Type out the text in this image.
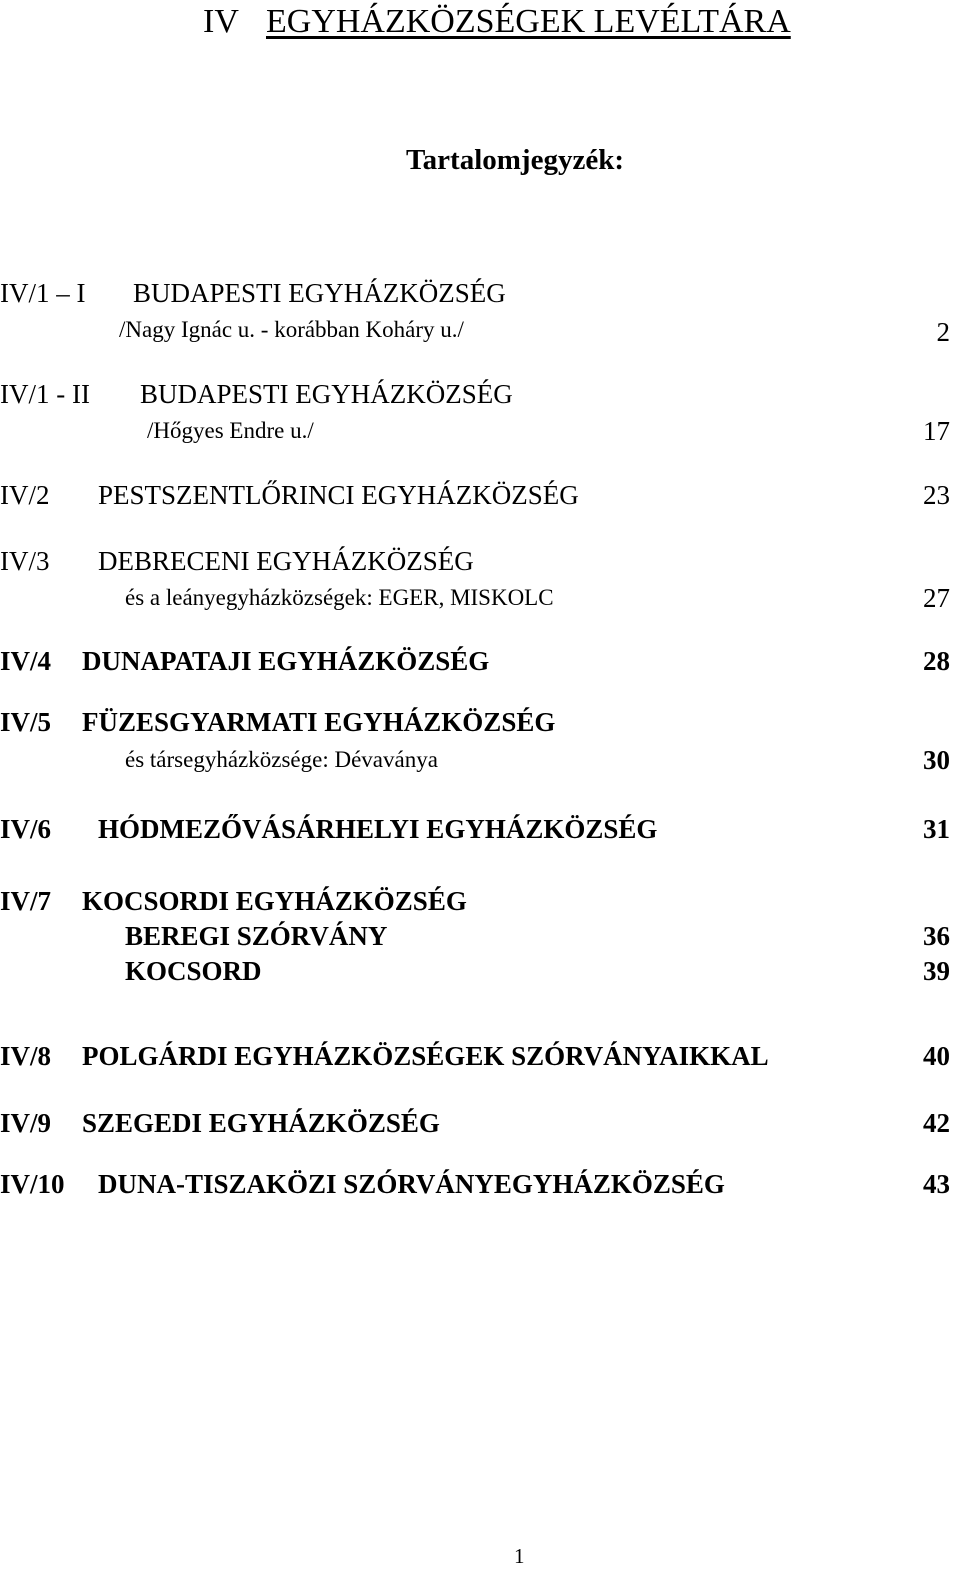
IV EGYHÁZKÖZSÉGEK LEVÉLTÁRA
Tartalomjegyzék:
IV/1 – I BUDAPESTI EGYHÁZKÖZSÉG
/Nagy Ignác u. - korábban Koháry u./	2
IV/1 - II BUDAPESTI EGYHÁZKÖZSÉG
/Hőgyes Endre u./	17
IV/2 PESTSZENTLŐRINCI EGYHÁZKÖZSÉG	23
IV/3 DEBRECENI EGYHÁZKÖZSÉG
és a leányegyházközségek: EGER, MISKOLC	27
IV/4 DUNAPATAJI EGYHÁZKÖZSÉG	28
IV/5 FÜZESGYARMATI EGYHÁZKÖZSÉG
és társegyházközsége: Dévaványa	30
IV/6 HÓDMEZŐVÁSÁRHELYI EGYHÁZKÖZSÉG	31
IV/7 KOCSORDI EGYHÁZKÖZSÉG
BEREGI SZÓRVÁNY	36
KOCSORD	39
IV/8 POLGÁRDI EGYHÁZKÖZSÉGEK SZÓRVÁNYAIKKAL	40
IV/9 SZEGEDI EGYHÁZKÖZSÉG	42
IV/10 DUNA-TISZAKÖZI SZÓRVÁNYEGYHÁZKÖZSÉG	43
1
